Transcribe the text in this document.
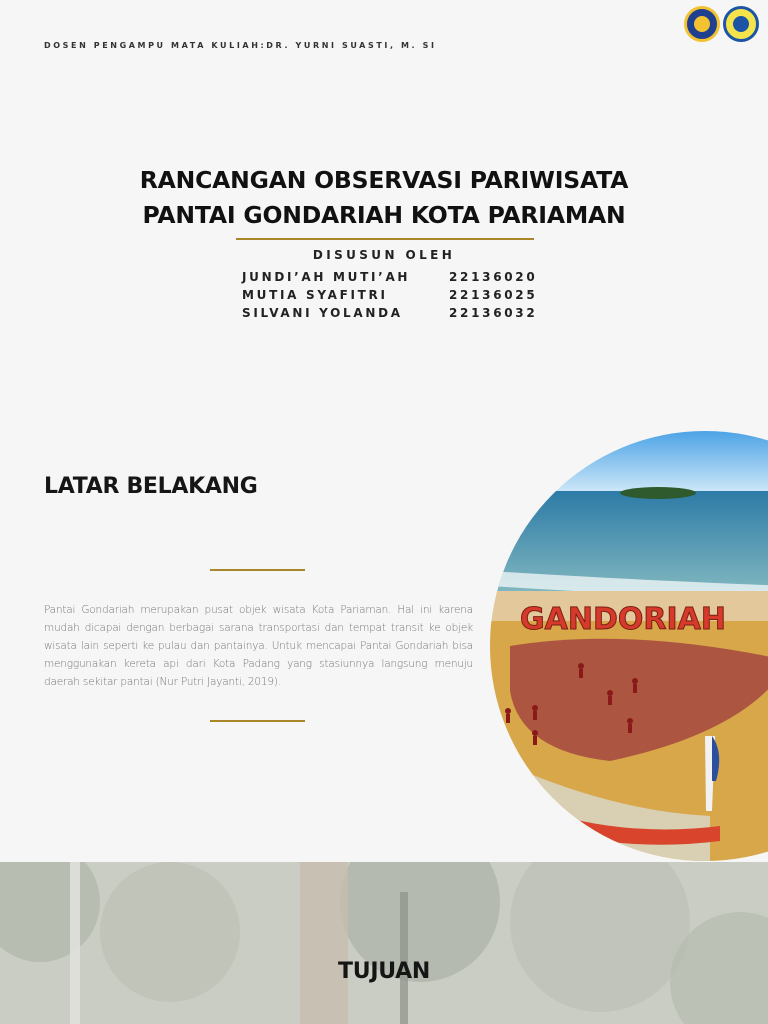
DOSEN PENGAMPU MATA KULIAH:DR. YURNI SUASTI, M. SI
RANCANGAN OBSERVASI PARIWISATA
PANTAI GONDARIAH KOTA PARIAMAN
DISUSUN OLEH
JUNDI’AH MUTI’AH	22136020
MUTIA SYAFITRI	22136025
SILVANI YOLANDA	22136032
LATAR BELAKANG
Pantai Gondariah merupakan pusat objek wisata Kota Pariaman. Hal ini karena mudah dicapai dengan berbagai sarana transportasi dan tempat transit ke objek wisata lain seperti ke pulau dan pantainya. Untuk mencapai Pantai Gondariah bisa menggunakan kereta api dari Kota Padang yang stasiunnya langsung menuju daerah sekitar pantai (Nur Putri Jayanti, 2019).
GANDORIAH
TUJUAN
